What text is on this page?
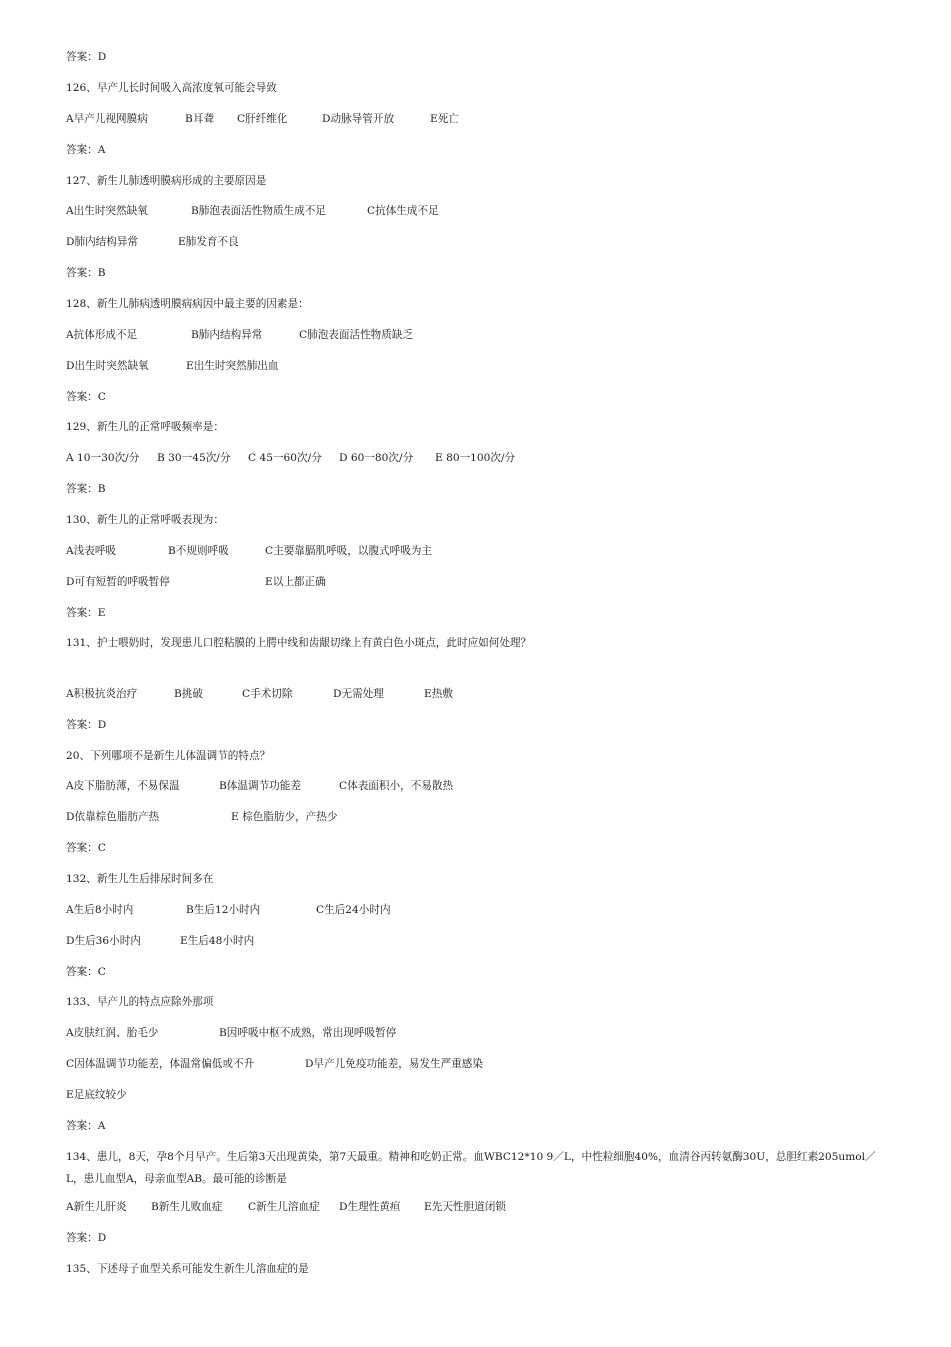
答案：D
126、早产儿长时间吸入高浓度氧可能会导致
A早产儿视网膜病	B耳聋 C肝纤维化	D动脉导管开放	E死亡
答案：A
127、新生儿肺透明膜病形成的主要原因是
A出生时突然缺氧	B肺泡表面活性物质生成不足	C抗体生成不足
D肺内结构异常	E肺发育不良
答案：B
128、新生儿肺病透明膜病病因中最主要的因素是：
A抗体形成不足	B肺内结构异常	C肺泡表面活性物质缺乏
D出生时突然缺氧	E出生时突然肺出血
答案：C
129、新生儿的正常呼吸频率是：
A 10一30次/分 B 30一45次/分 C 45一60次/分 D 60一80次/分 E 80一100次/分
答案：B
130、新生儿的正常呼吸表现为：
A浅表呼吸	B不规则呼吸	C主要靠膈肌呼吸，以腹式呼吸为主
D可有短暂的呼吸暂停	E以上都正确
答案：E
131、护士喂奶时，发现患儿口腔粘膜的上腭中线和齿龈切缘上有黄白色小斑点，此时应如何处理？
A积极抗炎治疗	B挑破	C手术切除	D无需处理	E热敷
答案：D
20、下列哪项不是新生儿体温调节的特点？
A皮下脂肪薄，不易保温	B体温调节功能差	C体表面积小，不易散热
D依靠棕色脂肪产热	E 棕色脂肪少，产热少
答案：C
132、新生儿生后排尿时间多在
A生后8小时内	B生后12小时内	C生后24小时内
D生后36小时内	E生后48小时内
答案：C
133、早产儿的特点应除外那项
A皮肤红润、胎毛少	B因呼吸中枢不成熟，常出现呼吸暂停
C因体温调节功能差，体温常偏低或不升	D早产儿免疫功能差，易发生严重感染
E足底纹较少
答案：A
134、患儿，8天，孕8个月早产。生后第3天出现黄染，第7天最重。精神和吃奶正常。血WBC12*10 9／L，中性粒细胞40%，血清谷丙转氨酶30U，总胆红素205umol／L，患儿血型A，母亲血型AB。最可能的诊断是
A新生儿肝炎 B新生儿败血症 C新生儿溶血症 D生理性黄疸 E先天性胆道闭锁
答案：D
135、下述母子血型关系可能发生新生儿溶血症的是
